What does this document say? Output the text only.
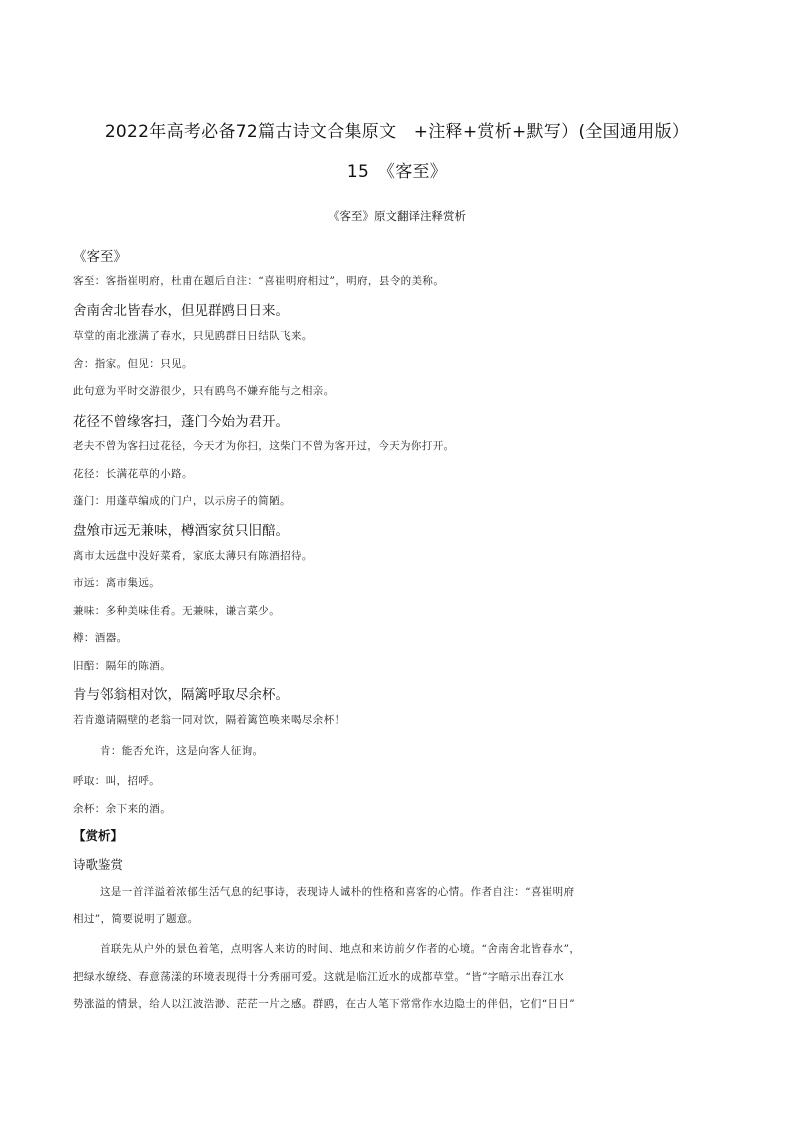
2022年高考必备72篇古诗文合集原文　+注释+赏析+默写）(全国通用版）
15　《客至》
《客至》原文翻译注释赏析
《客至》
客至：客指崔明府，杜甫在题后自注：“喜崔明府相过”，明府，县令的美称。
舍南舍北皆春水，但见群鸥日日来。
草堂的南北涨满了春水，只见鸥群日日结队飞来。
舍：指家。但见：只见。
此句意为平时交游很少，只有鸥鸟不嫌弃能与之相亲。
花径不曾缘客扫，蓬门今始为君开。
老夫不曾为客扫过花径，今天才为你扫，这柴门不曾为客开过，今天为你打开。
花径：长满花草的小路。
蓬门：用蓬草编成的门户，以示房子的简陋。
盘飧市远无兼味，樽酒家贫只旧醅。
离市太远盘中没好菜肴，家底太薄只有陈酒招待。
市远：离市集远。
兼味：多种美味佳肴。无兼味，谦言菜少。
樽：酒器。
旧醅：隔年的陈酒。
肯与邻翁相对饮，隔篱呼取尽余杯。
若肯邀请隔壁的老翁一同对饮，隔着篱笆唤来喝尽余杯！
肯：能否允许，这是向客人征询。
呼取：叫，招呼。
余杯：余下来的酒。
【赏析】
诗歌鉴赏
这是一首洋溢着浓郁生活气息的纪事诗，表现诗人诚朴的性格和喜客的心情。作者自注：“喜崔明府
相过”，简要说明了题意。
首联先从户外的景色着笔，点明客人来访的时间、地点和来访前夕作者的心境。“舍南舍北皆春水”，
把绿水缭绕、春意荡漾的环境表现得十分秀丽可爱。这就是临江近水的成都草堂。“皆”字暗示出春江水
势涨溢的情景，给人以江波浩渺、茫茫一片之感。群鸥，在古人笔下常常作水边隐士的伴侣，它们“日日”
